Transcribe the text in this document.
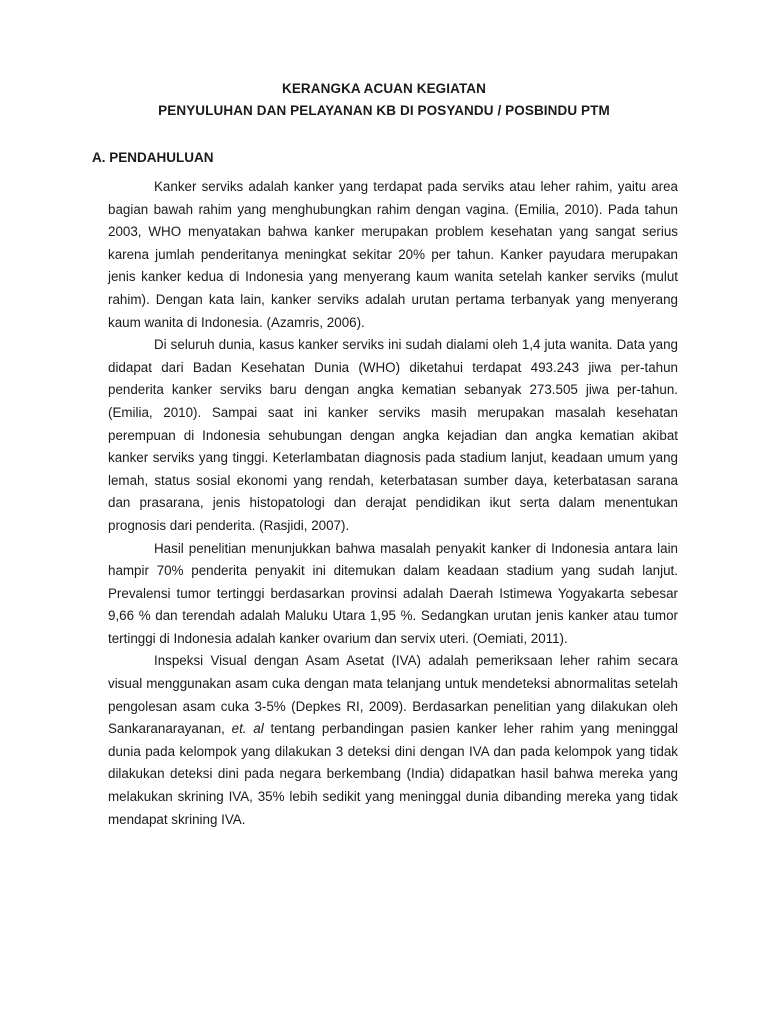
KERANGKA ACUAN KEGIATAN
PENYULUHAN DAN PELAYANAN KB DI POSYANDU / POSBINDU PTM
A. PENDAHULUAN

Kanker serviks adalah kanker yang terdapat pada serviks atau leher rahim, yaitu area bagian bawah rahim yang menghubungkan rahim dengan vagina. (Emilia, 2010). Pada tahun 2003, WHO menyatakan bahwa kanker merupakan problem kesehatan yang sangat serius karena jumlah penderitanya meningkat sekitar 20% per tahun. Kanker payudara merupakan jenis kanker kedua di Indonesia yang menyerang kaum wanita setelah kanker serviks (mulut rahim). Dengan kata lain, kanker serviks adalah urutan pertama terbanyak yang menyerang kaum wanita di Indonesia. (Azamris, 2006).

Di seluruh dunia, kasus kanker serviks ini sudah dialami oleh 1,4 juta wanita. Data yang didapat dari Badan Kesehatan Dunia (WHO) diketahui terdapat 493.243 jiwa per-tahun penderita kanker serviks baru dengan angka kematian sebanyak 273.505 jiwa per-tahun. (Emilia, 2010). Sampai saat ini kanker serviks masih merupakan masalah kesehatan perempuan di Indonesia sehubungan dengan angka kejadian dan angka kematian akibat kanker serviks yang tinggi. Keterlambatan diagnosis pada stadium lanjut, keadaan umum yang lemah, status sosial ekonomi yang rendah, keterbatasan sumber daya, keterbatasan sarana dan prasarana, jenis histopatologi dan derajat pendidikan ikut serta dalam menentukan prognosis dari penderita. (Rasjidi, 2007).

Hasil penelitian menunjukkan bahwa masalah penyakit kanker di Indonesia antara lain hampir 70% penderita penyakit ini ditemukan dalam keadaan stadium yang sudah lanjut. Prevalensi tumor tertinggi berdasarkan provinsi adalah Daerah Istimewa Yogyakarta sebesar 9,66 % dan terendah adalah Maluku Utara 1,95 %. Sedangkan urutan jenis kanker atau tumor tertinggi di Indonesia adalah kanker ovarium dan servix uteri. (Oemiati, 2011).

Inspeksi Visual dengan Asam Asetat (IVA) adalah pemeriksaan leher rahim secara visual menggunakan asam cuka dengan mata telanjang untuk mendeteksi abnormalitas setelah pengolesan asam cuka 3-5% (Depkes RI, 2009). Berdasarkan penelitian yang dilakukan oleh Sankaranarayanan, et. al tentang perbandingan pasien kanker leher rahim yang meninggal dunia pada kelompok yang dilakukan 3 deteksi dini dengan IVA dan pada kelompok yang tidak dilakukan deteksi dini pada negara berkembang (India) didapatkan hasil bahwa mereka yang melakukan skrining IVA, 35% lebih sedikit yang meninggal dunia dibanding mereka yang tidak mendapat skrining IVA.
